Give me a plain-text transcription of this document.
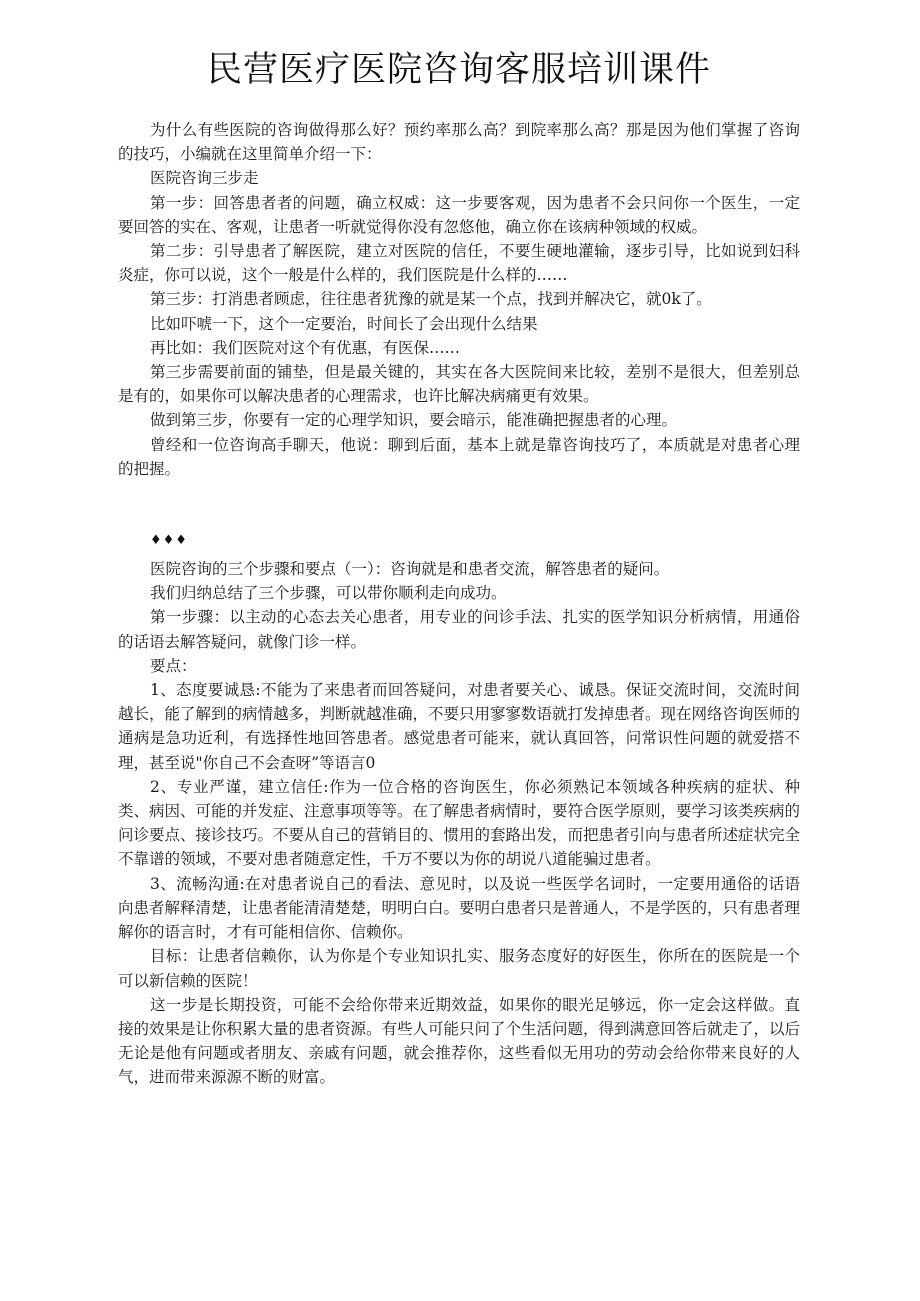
民营医疗医院咨询客服培训课件

为什么有些医院的咨询做得那么好？预约率那么高？到院率那么高？那是因为他们掌握了咨询的技巧，小编就在这里简单介绍一下：

医院咨询三步走

第一步：回答患者者的问题，确立权威：这一步要客观，因为患者不会只问你一个医生，一定要回答的实在、客观，让患者一听就觉得你没有忽悠他，确立你在该病种领域的权威。

第二步：引导患者了解医院，建立对医院的信任，不要生硬地灌输，逐步引导，比如说到妇科炎症，你可以说，这个一般是什么样的，我们医院是什么样的……

第三步：打消患者顾虑，往往患者犹豫的就是某一个点，找到并解决它，就0k了。

比如吓唬一下，这个一定要治，时间长了会出现什么结果

再比如：我们医院对这个有优惠，有医保……

第三步需要前面的铺垫，但是最关键的，其实在各大医院间来比较，差别不是很大，但差别总是有的，如果你可以解决患者的心理需求，也许比解决病痛更有效果。

做到第三步，你要有一定的心理学知识，要会暗示，能准确把握患者的心理。

曾经和一位咨询高手聊天，他说：聊到后面，基本上就是靠咨询技巧了，本质就是对患者心理的把握。

♦♦♦

医院咨询的三个步骤和要点（一）：咨询就是和患者交流，解答患者的疑问。

我们归纳总结了三个步骤，可以带你顺利走向成功。

第一步骤：以主动的心态去关心患者，用专业的问诊手法、扎实的医学知识分析病情，用通俗的话语去解答疑问，就像门诊一样。

要点：

1、态度要诚恳:不能为了来患者而回答疑问，对患者要关心、诚恳。保证交流时间，交流时间越长，能了解到的病情越多，判断就越准确，不要只用寥寥数语就打发掉患者。现在网络咨询医师的通病是急功近利，有选择性地回答患者。感觉患者可能来，就认真回答，问常识性问题的就爱搭不理，甚至说"你自己不会查呀”等语言0

2、专业严谨，建立信任:作为一位合格的咨询医生，你必须熟记本领域各种疾病的症状、种类、病因、可能的并发症、注意事项等等。在了解患者病情时，要符合医学原则，要学习该类疾病的问诊要点、接诊技巧。不要从自己的营销目的、惯用的套路出发，而把患者引向与患者所述症状完全不靠谱的领域，不要对患者随意定性，千万不要以为你的胡说八道能骗过患者。

3、流畅沟通:在对患者说自己的看法、意见时，以及说一些医学名词时，一定要用通俗的话语向患者解释清楚，让患者能清清楚楚，明明白白。要明白患者只是普通人，不是学医的，只有患者理解你的语言时，才有可能相信你、信赖你。

目标：让患者信赖你，认为你是个专业知识扎实、服务态度好的好医生，你所在的医院是一个可以新信赖的医院！

这一步是长期投资，可能不会给你带来近期效益，如果你的眼光足够远，你一定会这样做。直接的效果是让你积累大量的患者资源。有些人可能只问了个生活问题，得到满意回答后就走了，以后无论是他有问题或者朋友、亲戚有问题，就会推荐你，这些看似无用功的劳动会给你带来良好的人气，进而带来源源不断的财富。
